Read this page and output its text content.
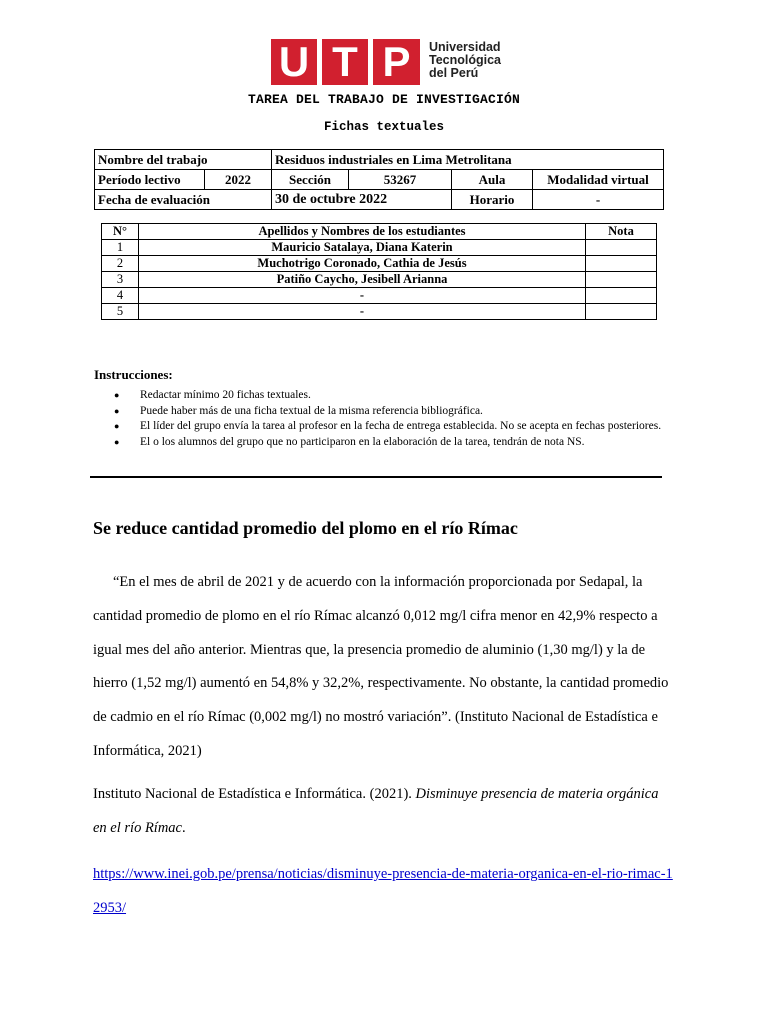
U T P	Universidad
Tecnológica
del Perú
TAREA DEL TRABAJO DE INVESTIGACIÓN
Fichas textuales
Nombre del trabajo		Residuos industriales en Lima Metrolitana			
Período lectivo	2022	Sección	53267	Aula	Modalidad virtual
Fecha de evaluación		30 de octubre 2022		Horario	-
N°	Apellidos y Nombres de los estudiantes	Nota
1	Mauricio Satalaya, Diana Katerin	
2	Muchotrigo Coronado, Cathia de Jesús	
3	Patiño Caycho, Jesibell Arianna	
4	-	
5	-	
Instrucciones:
● Redactar mínimo 20 fichas textuales.
● Puede haber más de una ficha textual de la misma referencia bibliográfica.
● El líder del grupo envía la tarea al profesor en la fecha de entrega establecida. No se acepta en fechas posteriores.
● El o los alumnos del grupo que no participaron en la elaboración de la tarea, tendrán de nota NS.
Se reduce cantidad promedio del plomo en el río Rímac

“En el mes de abril de 2021 y de acuerdo con la información proporcionada por Sedapal, la cantidad promedio de plomo en el río Rímac alcanzó 0,012 mg/l cifra menor en 42,9% respecto a igual mes del año anterior. Mientras que, la presencia promedio de aluminio (1,30 mg/l) y la de hierro (1,52 mg/l) aumentó en 54,8% y 32,2%, respectivamente. No obstante, la cantidad promedio de cadmio en el río Rímac (0,002 mg/l) no mostró variación”. (Instituto Nacional de Estadística e Informática, 2021)

Instituto Nacional de Estadística e Informática. (2021). Disminuye presencia de materia orgánica en el río Rímac.
https://www.inei.gob.pe/prensa/noticias/disminuye-presencia-de-materia-organica-en-el-rio-rimac-12953/
